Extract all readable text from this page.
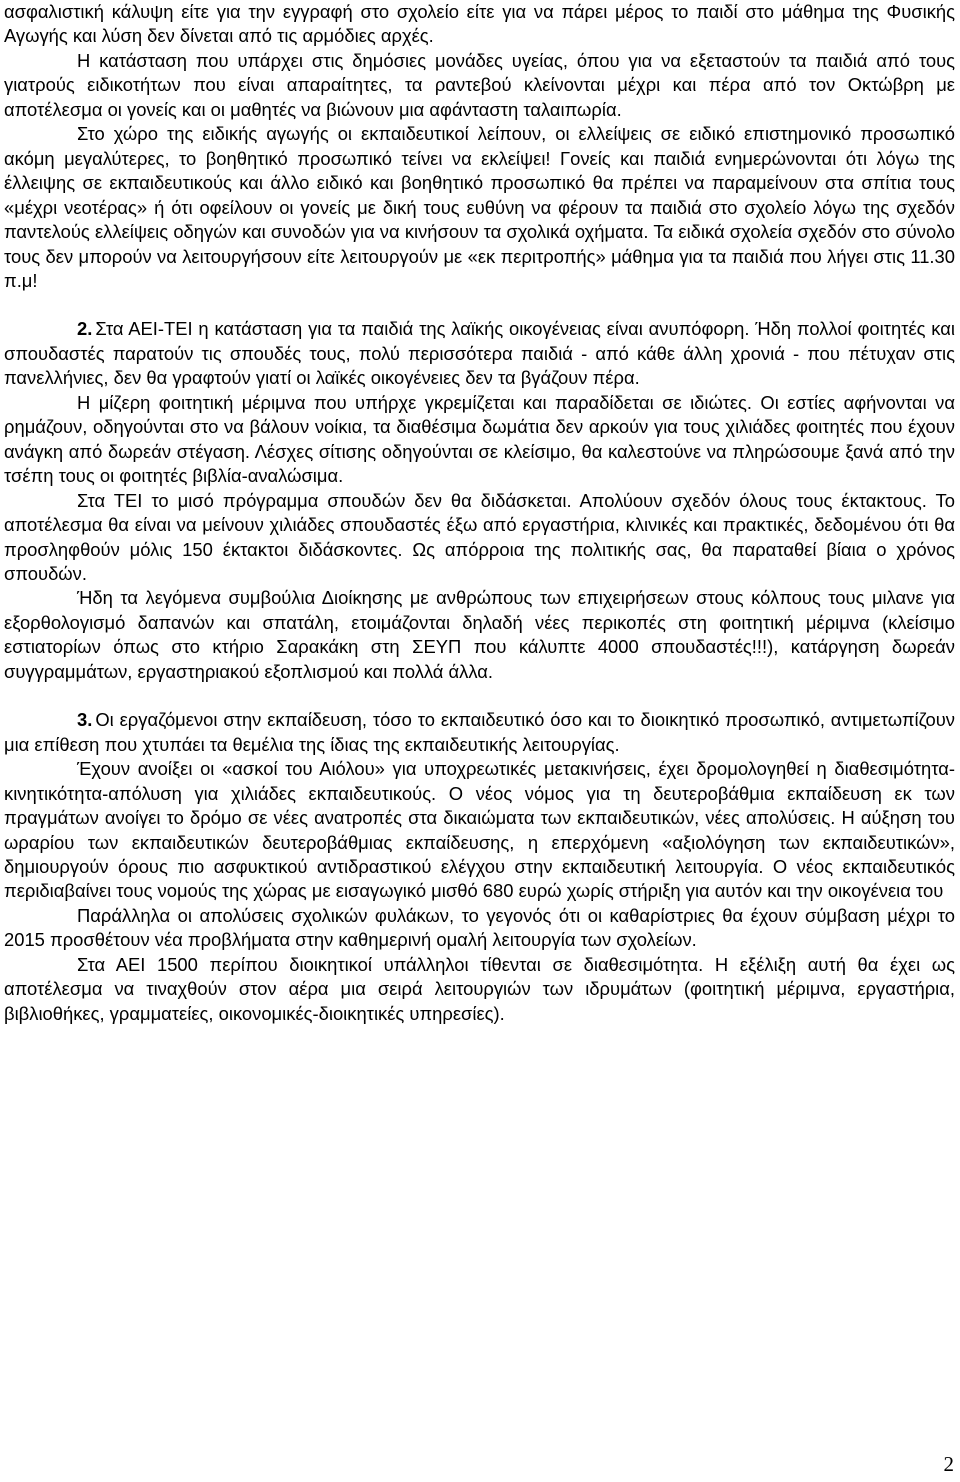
ασφαλιστική κάλυψη είτε για την εγγραφή στο σχολείο είτε για να πάρει μέρος το παιδί στο μάθημα της Φυσικής Αγωγής και λύση δεν δίνεται από τις αρμόδιες αρχές.

Η κατάσταση που υπάρχει στις δημόσιες μονάδες υγείας, όπου για να εξεταστούν τα παιδιά από τους γιατρούς ειδικοτήτων που είναι απαραίτητες, τα ραντεβού κλείνονται μέχρι και πέρα από τον Οκτώβρη με αποτέλεσμα οι γονείς και οι μαθητές να βιώνουν μια αφάνταστη ταλαιπωρία.

Στο χώρο της ειδικής αγωγής οι εκπαιδευτικοί λείπουν, οι ελλείψεις σε ειδικό επιστημονικό προσωπικό ακόμη μεγαλύτερες, το βοηθητικό προσωπικό τείνει να εκλείψει! Γονείς και παιδιά ενημερώνονται ότι λόγω της έλλειψης σε εκπαιδευτικούς και άλλο ειδικό και βοηθητικό προσωπικό θα πρέπει να παραμείνουν στα σπίτια τους «μέχρι νεοτέρας» ή ότι οφείλουν οι γονείς με δική τους ευθύνη να φέρουν τα παιδιά στο σχολείο λόγω της σχεδόν παντελούς ελλείψεις οδηγών και συνοδών για να κινήσουν τα σχολικά οχήματα. Τα ειδικά σχολεία σχεδόν στο σύνολο τους δεν μπορούν να λειτουργήσουν είτε λειτουργούν με «εκ περιτροπής» μάθημα για τα παιδιά που λήγει στις 11.30 π.μ!

2. Στα ΑΕΙ-ΤΕΙ η κατάσταση για τα παιδιά της λαϊκής οικογένειας είναι ανυπόφορη. Ήδη πολλοί φοιτητές και σπουδαστές παρατούν τις σπουδές τους, πολύ περισσότερα παιδιά - από κάθε άλλη χρονιά - που πέτυχαν στις πανελλήνιες, δεν θα γραφτούν γιατί οι λαϊκές οικογένειες δεν τα βγάζουν πέρα.

Η μίζερη φοιτητική μέριμνα που υπήρχε γκρεμίζεται και παραδίδεται σε ιδιώτες. Οι εστίες αφήνονται να ρημάζουν, οδηγούνται στο να βάλουν νοίκια, τα διαθέσιμα δωμάτια δεν αρκούν για τους χιλιάδες φοιτητές που έχουν ανάγκη από δωρεάν στέγαση. Λέσχες σίτισης οδηγούνται σε κλείσιμο, θα καλεστούνε να πληρώσουμε ξανά από την τσέπη τους οι φοιτητές βιβλία-αναλώσιμα.

Στα ΤΕΙ το μισό πρόγραμμα σπουδών δεν θα διδάσκεται. Απολύουν σχεδόν όλους τους έκτακτους. Το αποτέλεσμα θα είναι να μείνουν χιλιάδες σπουδαστές έξω από εργαστήρια, κλινικές και πρακτικές, δεδομένου ότι θα προσληφθούν μόλις 150 έκτακτοι διδάσκοντες. Ως απόρροια της πολιτικής σας, θα παραταθεί βίαια ο χρόνος σπουδών.

Ήδη τα λεγόμενα συμβούλια Διοίκησης με ανθρώπους των επιχειρήσεων στους κόλπους τους μιλανε για εξορθολογισμό δαπανών και σπατάλη, ετοιμάζονται δηλαδή νέες περικοπές στη φοιτητική μέριμνα (κλείσιμο εστιατορίων όπως στο κτήριο Σαρακάκη στη ΣΕΥΠ που κάλυπτε 4000 σπουδαστές!!!), κατάργηση δωρεάν συγγραμμάτων, εργαστηριακού εξοπλισμού και πολλά άλλα.

3. Οι εργαζόμενοι στην εκπαίδευση, τόσο το εκπαιδευτικό όσο και το διοικητικό προσωπικό, αντιμετωπίζουν μια επίθεση που χτυπάει τα θεμέλια της ίδιας της εκπαιδευτικής λειτουργίας.

Έχουν ανοίξει οι «ασκοί του Αιόλου» για υποχρεωτικές μετακινήσεις, έχει δρομολογηθεί η διαθεσιμότητα-κινητικότητα-απόλυση για χιλιάδες εκπαιδευτικούς. Ο νέος νόμος για τη δευτεροβάθμια εκπαίδευση εκ των πραγμάτων ανοίγει το δρόμο σε νέες ανατροπές στα δικαιώματα των εκπαιδευτικών, νέες απολύσεις. Η αύξηση του ωραρίου των εκπαιδευτικών δευτεροβάθμιας εκπαίδευσης, η επερχόμενη «αξιολόγηση των εκπαιδευτικών», δημιουργούν όρους πιο ασφυκτικού αντιδραστικού ελέγχου στην εκπαιδευτική λειτουργία. Ο νέος εκπαιδευτικός περιδιαβαίνει τους νομούς της χώρας με εισαγωγικό μισθό 680 ευρώ χωρίς στήριξη για αυτόν και την οικογένεια του

Παράλληλα οι απολύσεις σχολικών φυλάκων, το γεγονός ότι οι καθαρίστριες θα έχουν σύμβαση μέχρι το 2015 προσθέτουν νέα προβλήματα στην καθημερινή ομαλή λειτουργία των σχολείων.

Στα ΑΕΙ 1500 περίπου διοικητικοί υπάλληλοι τίθενται σε διαθεσιμότητα. Η εξέλιξη αυτή θα έχει ως αποτέλεσμα να τιναχθούν στον αέρα μια σειρά λειτουργιών των ιδρυμάτων (φοιτητική μέριμνα, εργαστήρια, βιβλιοθήκες, γραμματείες, οικονομικές-διοικητικές υπηρεσίες).

2
